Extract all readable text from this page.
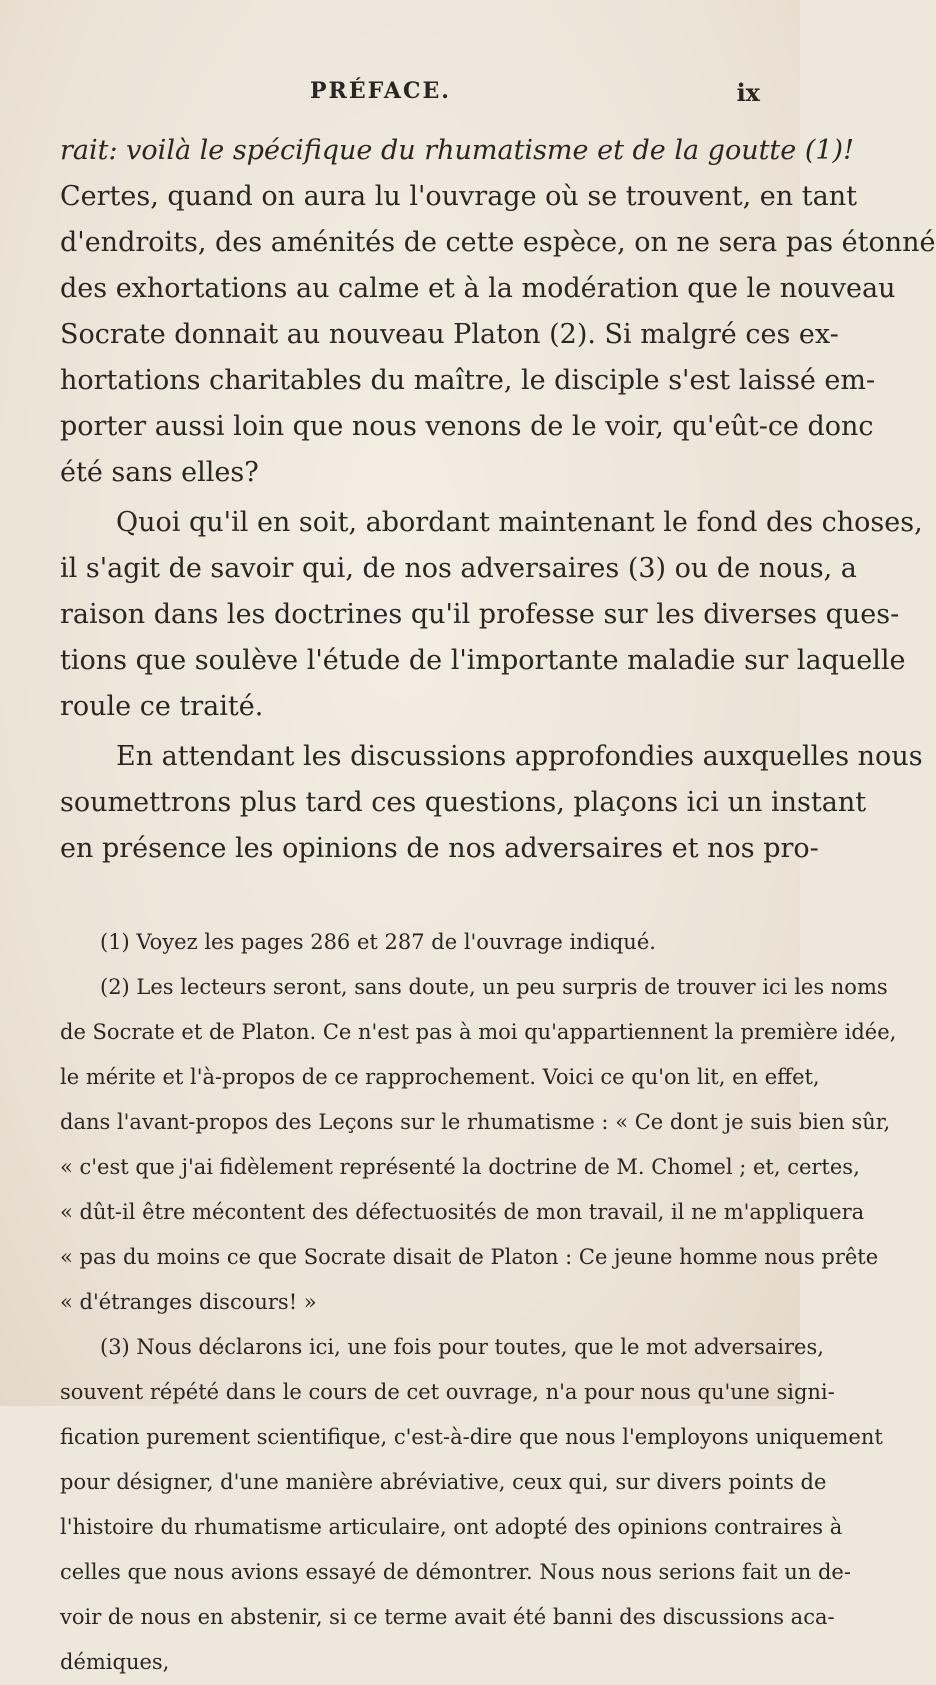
PRÉFACE.	ix
rait: voilà le spécifique du rhumatisme et de la goutte (1)!
Certes, quand on aura lu l'ouvrage où se trouvent, en tant
d'endroits, des aménités de cette espèce, on ne sera pas étonné
des exhortations au calme et à la modération que le nouveau
Socrate donnait au nouveau Platon (2). Si malgré ces ex-
hortations charitables du maître, le disciple s'est laissé em-
porter aussi loin que nous venons de le voir, qu'eût-ce donc
été sans elles?
Quoi qu'il en soit, abordant maintenant le fond des choses,
il s'agit de savoir qui, de nos adversaires (3) ou de nous, a
raison dans les doctrines qu'il professe sur les diverses ques-
tions que soulève l'étude de l'importante maladie sur laquelle
roule ce traité.
En attendant les discussions approfondies auxquelles nous
soumettrons plus tard ces questions, plaçons ici un instant
en présence les opinions de nos adversaires et nos pro-
(1) Voyez les pages 286 et 287 de l'ouvrage indiqué.
(2) Les lecteurs seront, sans doute, un peu surpris de trouver ici les noms
de Socrate et de Platon. Ce n'est pas à moi qu'appartiennent la première idée,
le mérite et l'à-propos de ce rapprochement. Voici ce qu'on lit, en effet,
dans l'avant-propos des Leçons sur le rhumatisme : « Ce dont je suis bien sûr,
« c'est que j'ai fidèlement représenté la doctrine de M. Chomel ; et, certes,
« dût-il être mécontent des défectuosités de mon travail, il ne m'appliquera
« pas du moins ce que Socrate disait de Platon : Ce jeune homme nous prête
« d'étranges discours! »
(3) Nous déclarons ici, une fois pour toutes, que le mot adversaires,
souvent répété dans le cours de cet ouvrage, n'a pour nous qu'une signi-
fication purement scientifique, c'est-à-dire que nous l'employons uniquement
pour désigner, d'une manière abréviative, ceux qui, sur divers points de
l'histoire du rhumatisme articulaire, ont adopté des opinions contraires à
celles que nous avions essayé de démontrer. Nous nous serions fait un de-
voir de nous en abstenir, si ce terme avait été banni des discussions aca-
démiques,
